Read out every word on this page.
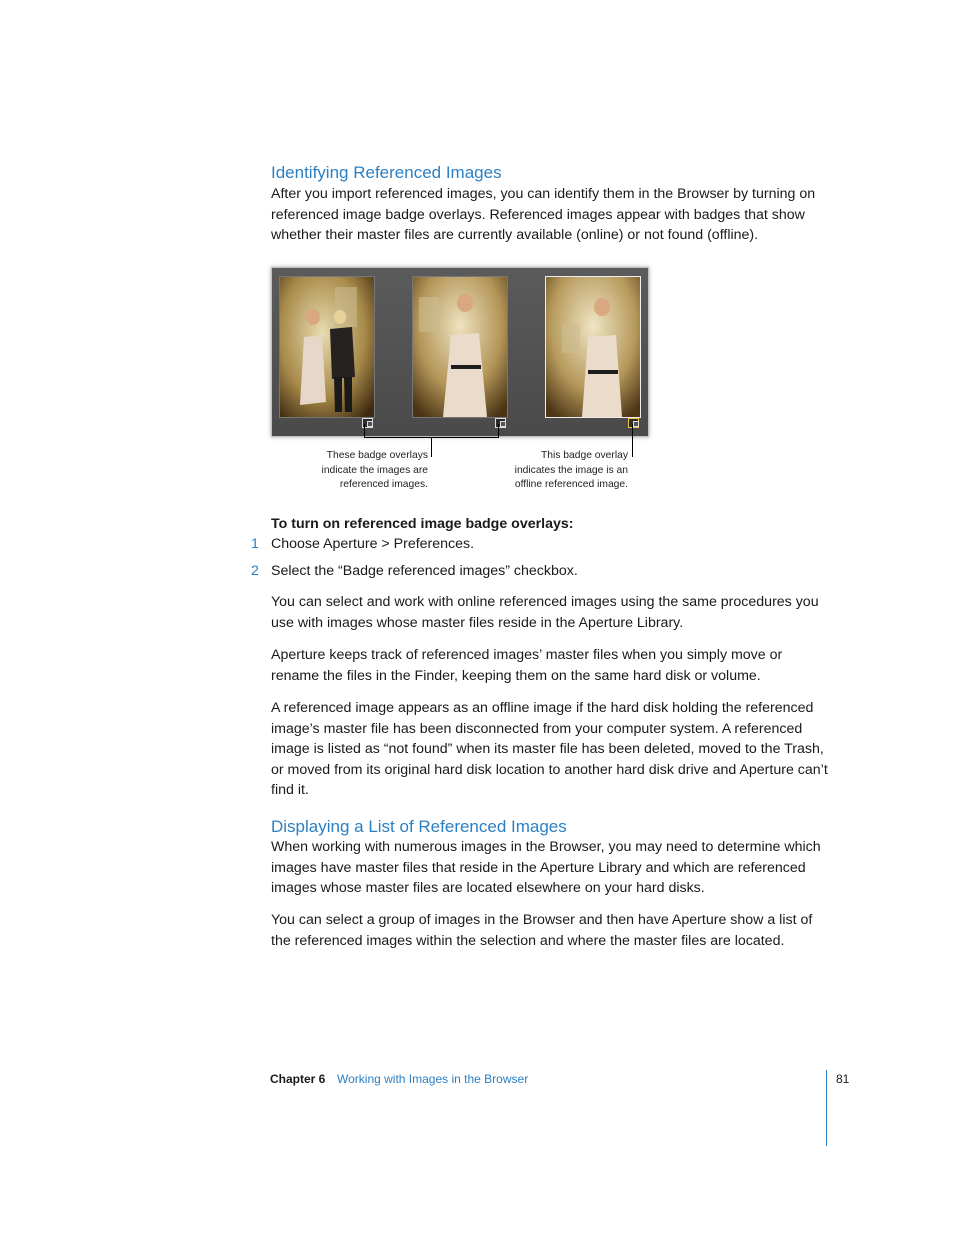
Identifying Referenced Images

After you import referenced images, you can identify them in the Browser by turning on referenced image badge overlays. Referenced images appear with badges that show whether their master files are currently available (online) or not found (offline).

These badge overlays
indicate the images are
referenced images.
This badge overlay
indicates the image is an
offline referenced image.
To turn on referenced image badge overlays:
1 Choose Aperture > Preferences.
2 Select the “Badge referenced images” checkbox.

You can select and work with online referenced images using the same procedures you use with images whose master files reside in the Aperture Library.

Aperture keeps track of referenced images’ master files when you simply move or rename the files in the Finder, keeping them on the same hard disk or volume.

A referenced image appears as an offline image if the hard disk holding the referenced image’s master file has been disconnected from your computer system. A referenced image is listed as “not found” when its master file has been deleted, moved to the Trash, or moved from its original hard disk location to another hard disk drive and Aperture can’t find it.

Displaying a List of Referenced Images

When working with numerous images in the Browser, you may need to determine which images have master files that reside in the Aperture Library and which are referenced images whose master files are located elsewhere on your hard disks.

You can select a group of images in the Browser and then have Aperture show a list of the referenced images within the selection and where the master files are located.

Chapter 6 Working with Images in the Browser	81
